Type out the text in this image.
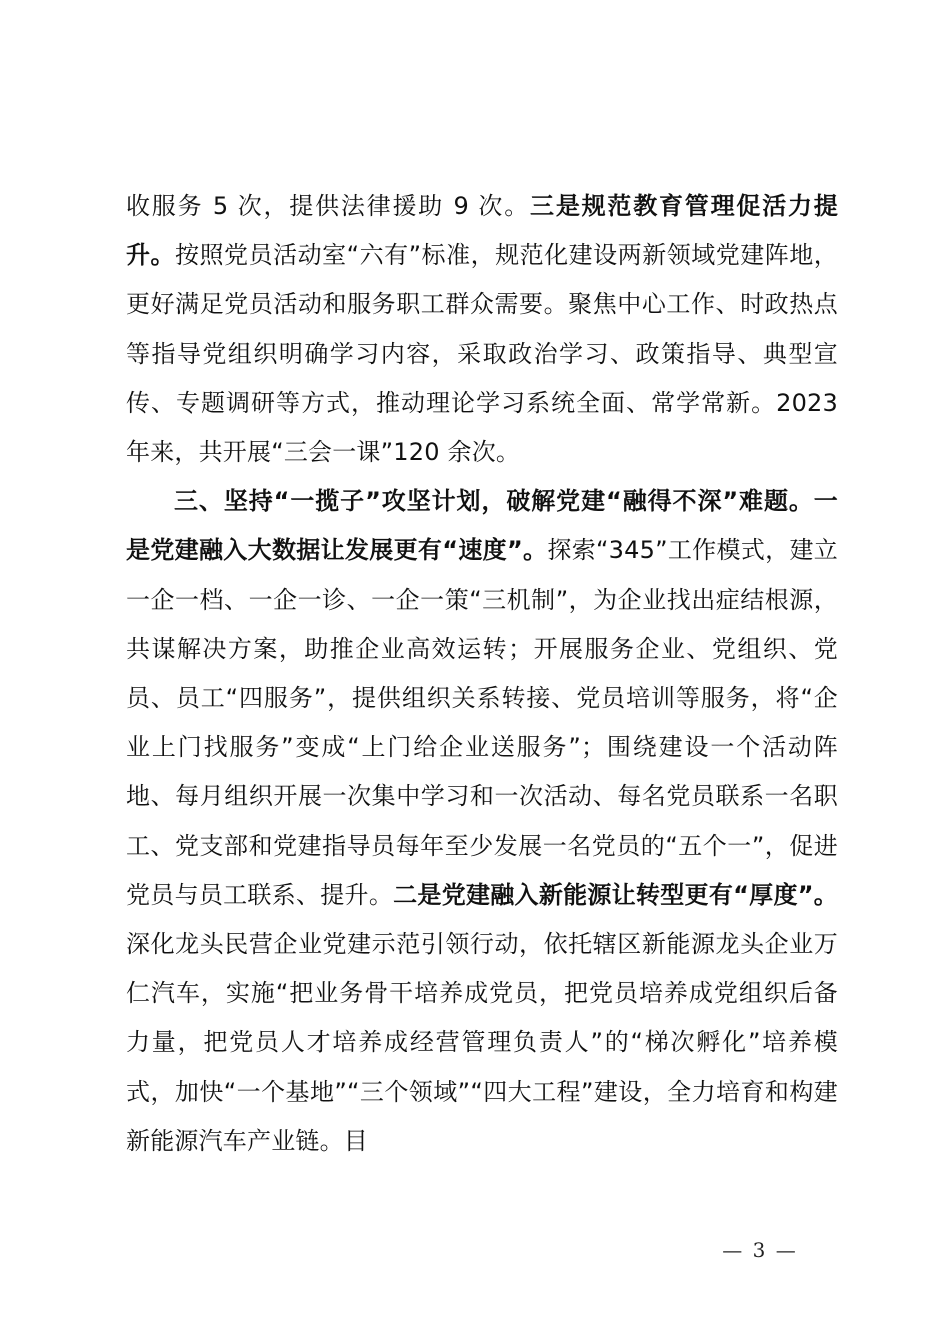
收服务 5 次，提供法律援助 9 次。三是规范教育管理促活力提升。按照党员活动室“六有”标准，规范化建设两新领域党建阵地，更好满足党员活动和服务职工群众需要。聚焦中心工作、时政热点等指导党组织明确学习内容，采取政治学习、政策指导、典型宣传、专题调研等方式，推动理论学习系统全面、常学常新。2023 年来，共开展“三会一课”120 余次。

三、坚持“一揽子”攻坚计划，破解党建“融得不深”难题。一是党建融入大数据让发展更有“速度”。探索“345”工作模式，建立一企一档、一企一诊、一企一策“三机制”，为企业找出症结根源，共谋解决方案，助推企业高效运转；开展服务企业、党组织、党员、员工“四服务”，提供组织关系转接、党员培训等服务，将“企业上门找服务”变成“上门给企业送服务”；围绕建设一个活动阵地、每月组织开展一次集中学习和一次活动、每名党员联系一名职工、党支部和党建指导员每年至少发展一名党员的“五个一”，促进党员与员工联系、提升。二是党建融入新能源让转型更有“厚度”。深化龙头民营企业党建示范引领行动，依托辖区新能源龙头企业万仁汽车，实施“把业务骨干培养成党员，把党员培养成党组织后备力量，把党员人才培养成经营管理负责人”的“梯次孵化”培养模式，加快“一个基地”“三个领域”“四大工程”建设，全力培育和构建新能源汽车产业链。目

— 3 —
